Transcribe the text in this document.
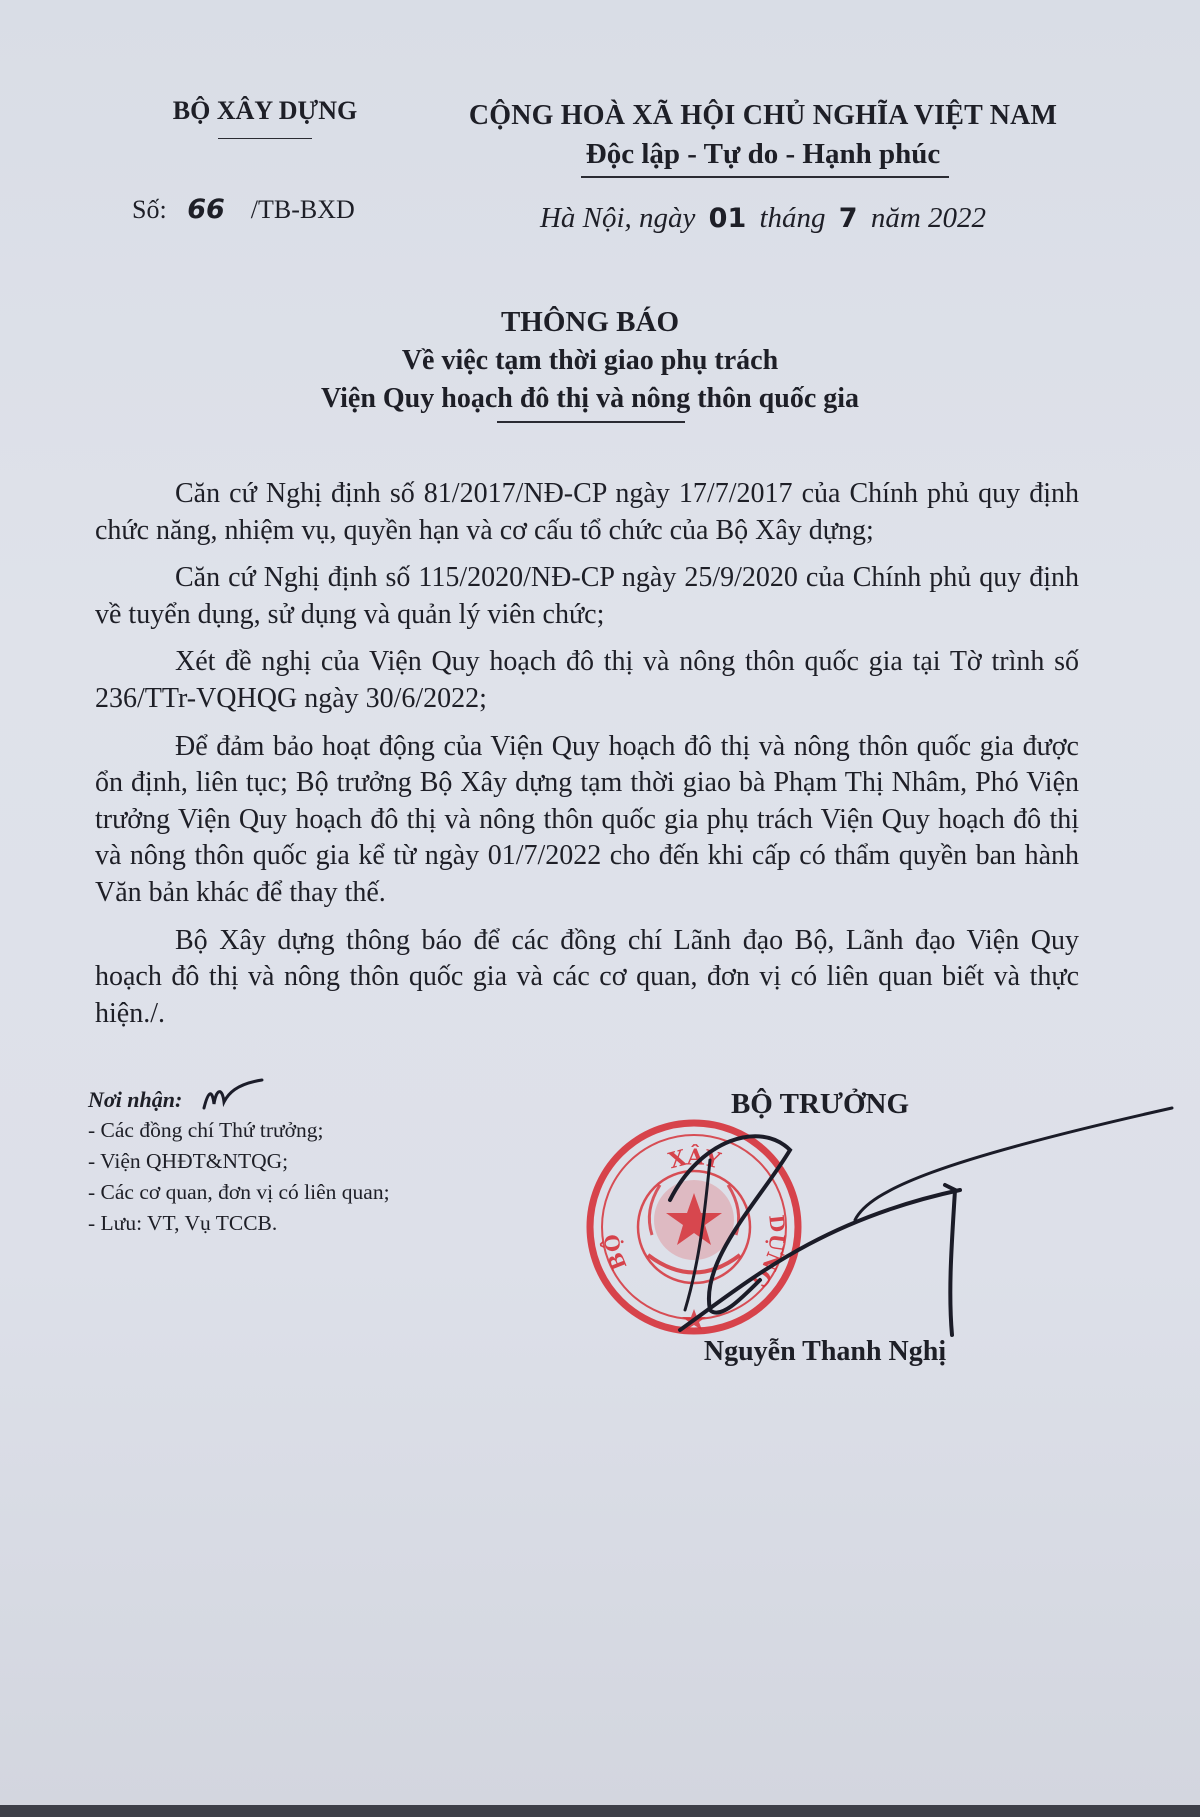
BỘ XÂY DỰNG
Số: 66 /TB-BXD
CỘNG HOÀ XÃ HỘI CHỦ NGHĨA VIỆT NAM
Độc lập - Tự do - Hạnh phúc
Hà Nội, ngày 01 tháng 7 năm 2022
THÔNG BÁO
Về việc tạm thời giao phụ trách
Viện Quy hoạch đô thị và nông thôn quốc gia

Căn cứ Nghị định số 81/2017/NĐ-CP ngày 17/7/2017 của Chính phủ quy định chức năng, nhiệm vụ, quyền hạn và cơ cấu tổ chức của Bộ Xây dựng;

Căn cứ Nghị định số 115/2020/NĐ-CP ngày 25/9/2020 của Chính phủ quy định về tuyển dụng, sử dụng và quản lý viên chức;

Xét đề nghị của Viện Quy hoạch đô thị và nông thôn quốc gia tại Tờ trình số 236/TTr-VQHQG ngày 30/6/2022;

Để đảm bảo hoạt động của Viện Quy hoạch đô thị và nông thôn quốc gia được ổn định, liên tục; Bộ trưởng Bộ Xây dựng tạm thời giao bà Phạm Thị Nhâm, Phó Viện trưởng Viện Quy hoạch đô thị và nông thôn quốc gia phụ trách Viện Quy hoạch đô thị và nông thôn quốc gia kể từ ngày 01/7/2022 cho đến khi cấp có thẩm quyền ban hành Văn bản khác để thay thế.

Bộ Xây dựng thông báo để các đồng chí Lãnh đạo Bộ, Lãnh đạo Viện Quy hoạch đô thị và nông thôn quốc gia và các cơ quan, đơn vị có liên quan biết và thực hiện./.

Nơi nhận:
- Các đồng chí Thứ trưởng;
- Viện QHĐT&NTQG;
- Các cơ quan, đơn vị có liên quan;
- Lưu: VT, Vụ TCCB.
BỘ TRƯỞNG
XÂY
BỘ
DỰNG
Nguyễn Thanh Nghị
